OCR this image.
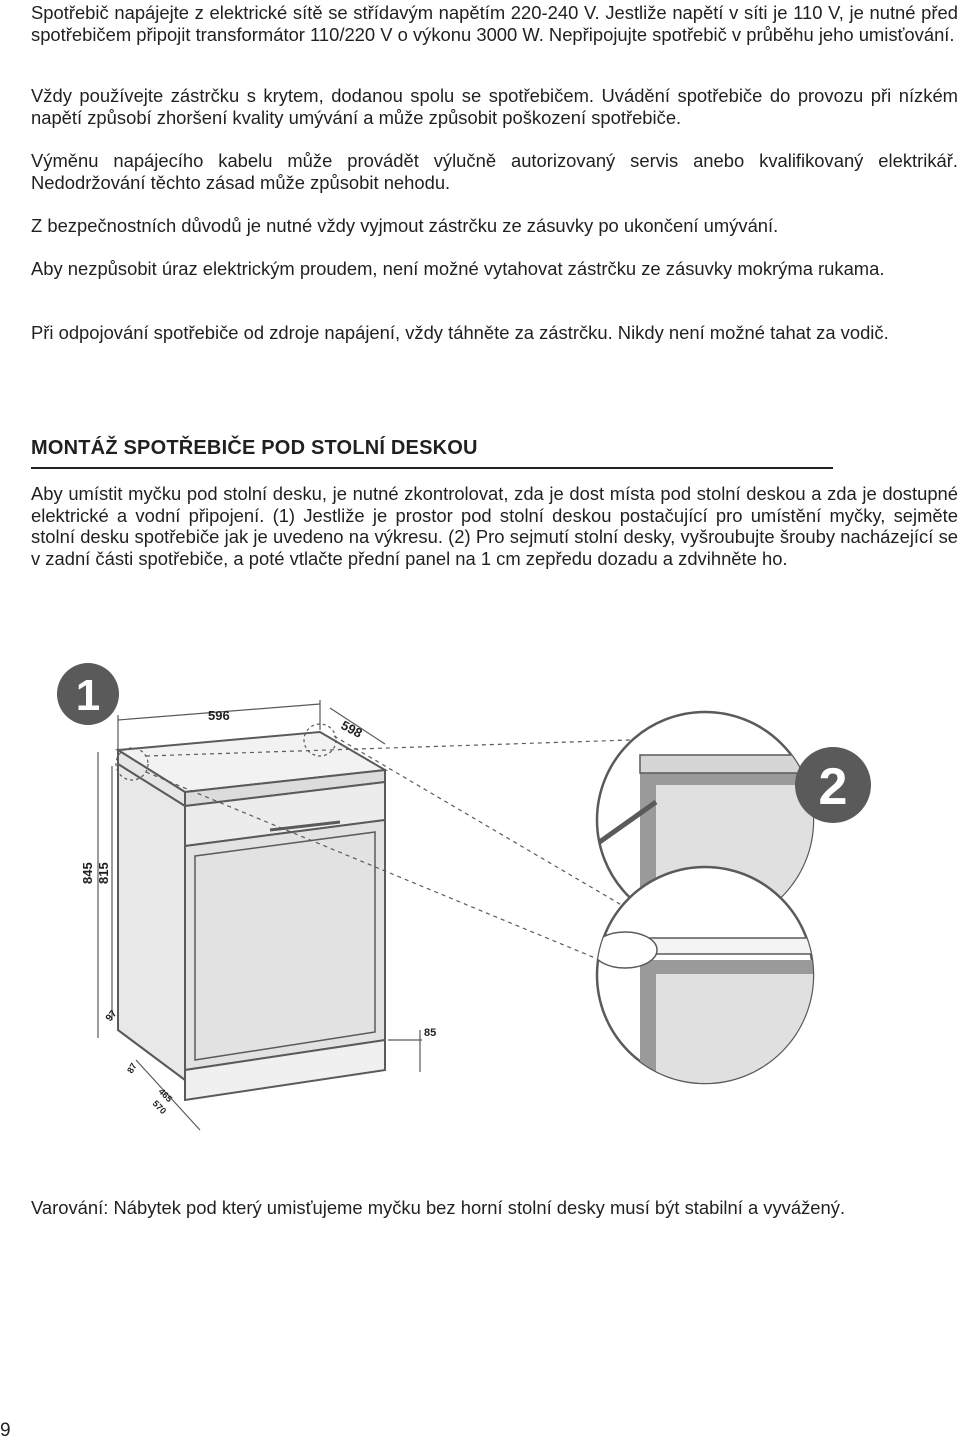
Spotřebič napájejte z elektrické sítě se střídavým napětím 220-240 V. Jestliže napětí v síti je 110 V, je nutné před spotřebičem připojit transformátor 110/220 V o výkonu 3000 W. Nepřipojujte spotřebič v průběhu jeho umisťování.

Vždy používejte zástrčku s krytem, dodanou spolu se spotřebičem. Uvádění spotřebiče do provozu při nízkém napětí způsobí zhoršení kvality umývání a může způsobit poškození spotřebiče.

Výměnu napájecího kabelu může provádět výlučně autorizovaný servis anebo kvalifikovaný elektrikář. Nedodržování těchto zásad může způsobit nehodu.

Z bezpečnostních důvodů je nutné vždy vyjmout zástrčku ze zásuvky po ukončení umývání.

Aby nezpůsobit úraz elektrickým proudem, není možné vytahovat zástrčku ze zásuvky mokrýma rukama.

Při odpojování spotřebiče od zdroje napájení, vždy táhněte za zástrčku. Nikdy není možné tahat za vodič.

MONTÁŽ SPOTŘEBIČE POD STOLNÍ DESKOU

Aby umístit myčku pod stolní desku, je nutné zkontrolovat, zda je dost místa pod stolní deskou a zda je dostupné elektrické a vodní připojení. (1) Jestliže je prostor pod stolní deskou postačující pro umístění myčky, sejměte stolní desku spotřebiče jak je uvedeno na výkresu. (2) Pro sejmutí stolní desky, vyšroubujte šrouby nacházející se v zadní části spotřebiče, a poté vtlačte přední panel na 1 cm zepředu dozadu a zdvihněte ho.

1	596
598
845 815
97
85
87
465
570
2

Varování: Nábytek pod který umisťujeme myčku bez horní stolní desky musí být stabilní a vyvážený.

9
